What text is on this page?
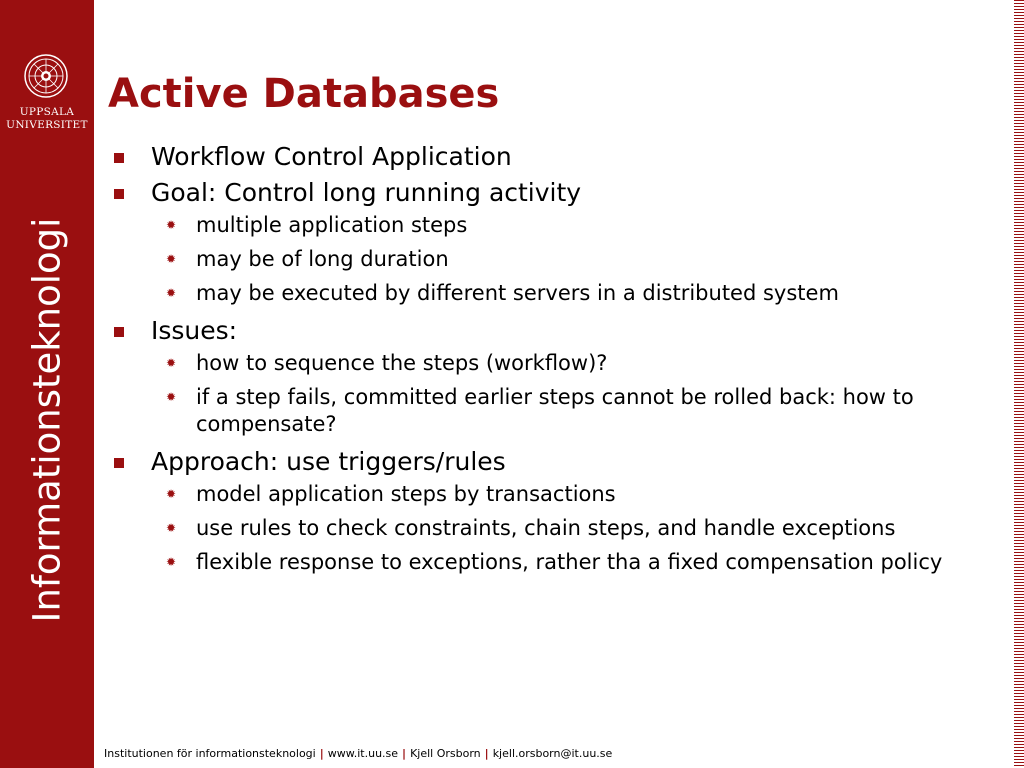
UPPSALA
UNIVERSITET
Informationsteknologi
Active Databases
Workflow Control Application
Goal: Control long running activity
✹ multiple application steps
✹ may be of long duration
✹ may be executed by different servers in a distributed system
Issues:
✹ how to sequence the steps (workflow)?
✹ if a step fails, committed earlier steps cannot be rolled back: how to compensate?
Approach: use triggers/rules
✹ model application steps by transactions
✹ use rules to check constraints, chain steps, and handle exceptions
✹ flexible response to exceptions, rather tha a fixed compensation policy
Institutionen för informationsteknologi | www.it.uu.se | Kjell Orsborn | kjell.orsborn@it.uu.se
